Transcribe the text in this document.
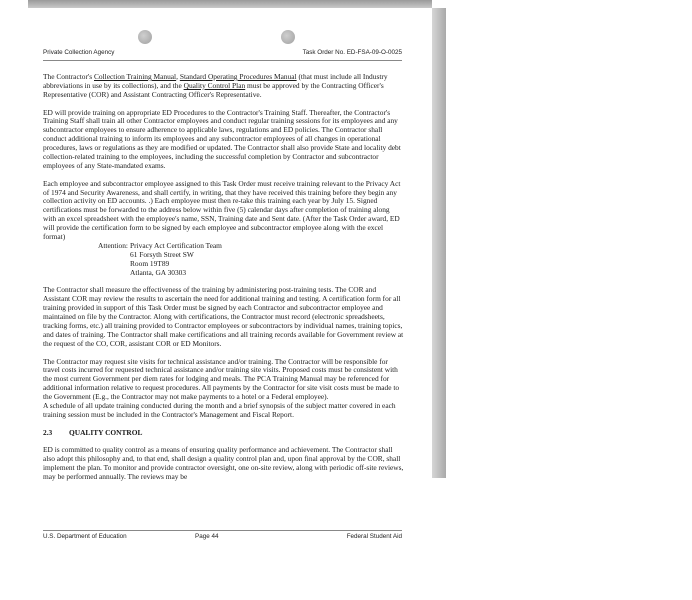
Private Collection Agency	Task Order No. ED-FSA-09-O-0025

The Contractor's Collection Training Manual, Standard Operating Procedures Manual (that must include all Industry abbreviations in use by its collections), and the Quality Control Plan must be approved by the Contracting Officer's Representative (COR) and Assistant Contracting Officer's Representative.

ED will provide training on appropriate ED Procedures to the Contractor's Training Staff. Thereafter, the Contractor's Training Staff shall train all other Contractor employees and conduct regular training sessions for its employees and any subcontractor employees to ensure adherence to applicable laws, regulations and ED policies. The Contractor shall conduct additional training to inform its employees and any subcontractor employees of all changes in operational procedures, laws or regulations as they are modified or updated. The Contractor shall also provide State and locality debt collection-related training to the employees, including the successful completion by Contractor and subcontractor employees of any State-mandated exams.

Each employee and subcontractor employee assigned to this Task Order must receive training relevant to the Privacy Act of 1974 and Security Awareness, and shall certify, in writing, that they have received this training before they begin any collection activity on ED accounts. .) Each employee must then re-take this training each year by July 15. Signed certifications must be forwarded to the address below within five (5) calendar days after completion of training along with an excel spreadsheet with the employee's name, SSN, Training date and Sent date. (After the Task Order award, ED will provide the certification form to be signed by each employee and subcontractor employee along with the excel format)

Attention: Privacy Act Certification Team
61 Forsyth Street SW
Room 19T89
Atlanta, GA 30303

The Contractor shall measure the effectiveness of the training by administering post-training tests. The COR and Assistant COR may review the results to ascertain the need for additional training and testing. A certification form for all training provided in support of this Task Order must be signed by each Contractor and subcontractor employee and maintained on file by the Contractor. Along with certifications, the Contractor must record (electronic spreadsheets, tracking forms, etc.) all training provided to Contractor employees or subcontractors by individual names, training topics, and dates of training. The Contractor shall make certifications and all training records available for Government review at the request of the CO, COR, assistant COR or ED Monitors.

The Contractor may request site visits for technical assistance and/or training. The Contractor will be responsible for travel costs incurred for requested technical assistance and/or training site visits. Proposed costs must be consistent with the most current Government per diem rates for lodging and meals. The PCA Training Manual may be referenced for additional information relative to request procedures. All payments by the Contractor for site visit costs must be made to the Government (E.g., the Contractor may not make payments to a hotel or a Federal employee).

A schedule of all update training conducted during the month and a brief synopsis of the subject matter covered in each training session must be included in the Contractor's Management and Fiscal Report.

2.3 QUALITY CONTROL

ED is committed to quality control as a means of ensuring quality performance and achievement. The Contractor shall also adopt this philosophy and, to that end, shall design a quality control plan and, upon final approval by the COR, shall implement the plan. To monitor and provide contractor oversight, one on-site review, along with periodic off-site reviews, may be performed annually. The reviews may be

U.S. Department of Education	Page 44	Federal Student Aid
